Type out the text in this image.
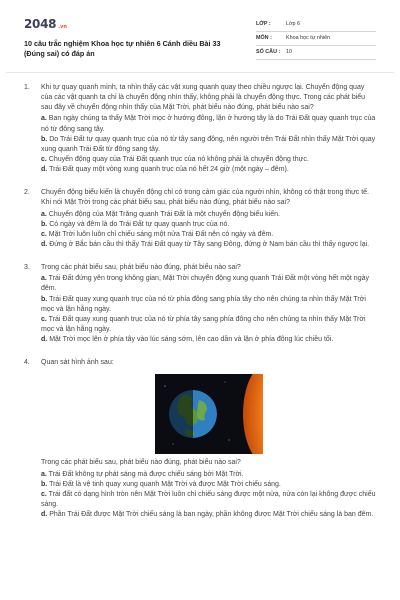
2048 .vn
10 câu trắc nghiệm Khoa học tự nhiên 6 Cánh diều Bài 33 (Đúng sai) có đáp án
LỚP :	Lớp 6
MÔN :	Khoa học tự nhiên
SỐ CÂU :	10
1.	Khi tự quay quanh mình, ta nhìn thấy các vật xung quanh quay theo chiều ngược lại. Chuyển động quay của các vật quanh ta chỉ là chuyển động nhìn thấy, không phải là chuyển động thực. Trong các phát biểu sau đây về chuyển động nhìn thấy của Mặt Trời, phát biểu nào đúng, phát biểu nào sai?
a. Ban ngày chúng ta thấy Mặt Trời mọc ở hướng đông, lặn ở hướng tây là do Trái Đất quay quanh trục của nó từ đông sang tây.
b. Do Trái Đất tự quay quanh trục của nó từ tây sang đông, nên người trên Trái Đất nhìn thấy Mặt Trời quay xung quanh Trái Đất từ đông sang tây.
c. Chuyển động quay của Trái Đất quanh trục của nó không phải là chuyển động thực.
d. Trái Đất quay một vòng xung quanh trục của nó hết 24 giờ (một ngày – đêm).
2.	Chuyển động biểu kiến là chuyển động chỉ có trong cảm giác của người nhìn, không có thật trong thực tế. Khi nói Mặt Trời trong các phát biểu sau, phát biểu nào đúng, phát biểu nào sai?
a. Chuyển động của Mặt Trăng quanh Trái Đất là một chuyển động biểu kiến.
b. Có ngày và đêm là do Trái Đất tự quay quanh trục của nó.
c. Mặt Trời luôn luôn chỉ chiếu sáng một nửa Trái Đất nên có ngày và đêm.
d. Đứng ở Bắc bán cầu thì thấy Trái Đất quay từ Tây sang Đông, đứng ở Nam bán cầu thì thấy ngược lại.
3.	Trong các phát biểu sau, phát biểu nào đúng, phát biểu nào sai?
a. Trái Đất đứng yên trong không gian, Mặt Trời chuyển động xung quanh Trái Đất một vòng hết một ngày đêm.
b. Trái Đất quay xung quanh trục của nó từ phía đông sang phía tây cho nên chúng ta nhìn thấy Mặt Trời mọc và lặn hằng ngày.
c. Trái Đất quay xung quanh trục của nó từ phía tây sang phía đông cho nên chúng ta nhìn thấy Mặt Trời mọc và lặn hằng ngày.
d. Mặt Trời mọc lên ở phía tây vào lúc sáng sớm, lên cao dần và lặn ở phía đông lúc chiều tối.
4.	Quan sát hình ảnh sau:
Trong các phát biểu sau, phát biểu nào đúng, phát biểu nào sai?
a. Trái Đất không tự phát sáng mà được chiếu sáng bởi Mặt Trời.
b. Trái Đất là vệ tinh quay xung quanh Mặt Trời và được Mặt Trời chiếu sáng.
c. Trái đất có dạng hình tròn nên Mặt Trời luôn chỉ chiếu sáng được một nửa, nửa còn lại không được chiếu sáng.
d. Phần Trái Đất được Mặt Trời chiếu sáng là ban ngày, phần không được Mặt Trời chiếu sáng là ban đêm.
